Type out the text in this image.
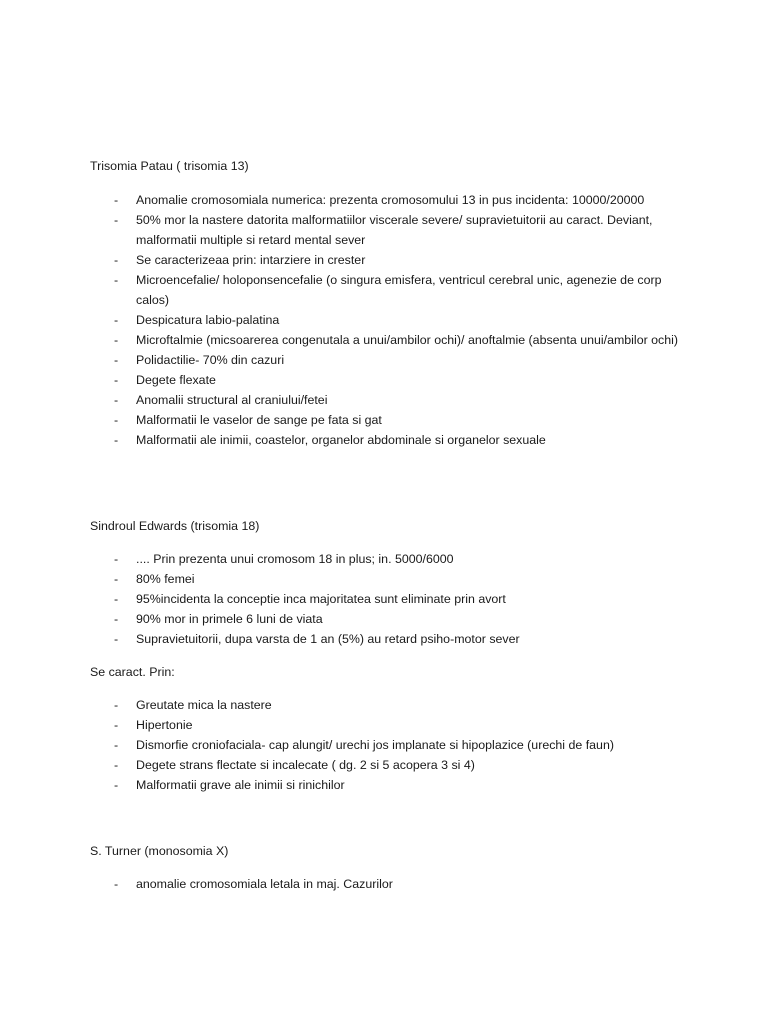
Trisomia Patau ( trisomia 13)
- Anomalie cromosomiala numerica: prezenta cromosomului 13 in pus incidenta: 10000/20000
- 50% mor la nastere datorita malformatiilor viscerale severe/ supravietuitorii au caract. Deviant, malformatii multiple si retard mental sever
- Se caracterizeaa prin: intarziere in crester
- Microencefalie/ holoponsencefalie (o singura emisfera, ventricul cerebral unic, agenezie de corp calos)
- Despicatura labio-palatina
- Microftalmie (micsoarerea congenutala a unui/ambilor ochi)/ anoftalmie (absenta unui/ambilor ochi)
- Polidactilie- 70% din cazuri
- Degete flexate
- Anomalii structural al craniului/fetei
- Malformatii le vaselor de sange pe fata si gat
- Malformatii ale inimii, coastelor, organelor abdominale si organelor sexuale
Sindroul Edwards (trisomia 18)
- .... Prin prezenta unui cromosom 18 in plus; in. 5000/6000
- 80% femei
- 95%incidenta la conceptie inca majoritatea sunt eliminate prin avort
- 90% mor in primele 6 luni de viata
- Supravietuitorii, dupa varsta de 1 an (5%) au retard psiho-motor sever
Se caract. Prin:
- Greutate mica la nastere
- Hipertonie
- Dismorfie croniofaciala- cap alungit/ urechi jos implanate si hipoplazice (urechi de faun)
- Degete strans flectate si incalecate ( dg. 2 si 5 acopera 3 si 4)
- Malformatii grave ale inimii si rinichilor
S. Turner (monosomia X)
- anomalie cromosomiala letala in maj. Cazurilor
